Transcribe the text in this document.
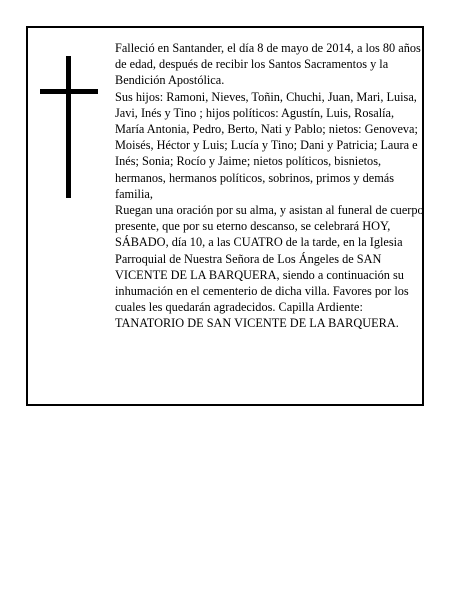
Falleció en Santander, el día 8 de mayo de 2014, a los 80 años de edad, después de recibir los Santos Sacramentos y la Bendición Apostólica.

Sus hijos: Ramoni, Nieves, Toñin, Chuchi, Juan, Mari, Luisa, Javi, Inés y Tino ; hijos políticos: Agustín, Luis, Rosalía, María Antonia, Pedro, Berto, Nati y Pablo; nietos: Genoveva; Moisés, Héctor y Luis; Lucía y Tino; Dani y Patricia; Laura e Inés; Sonia; Rocío y Jaime; nietos políticos, bisnietos, hermanos, hermanos políticos, sobrinos, primos y demás familia,

Ruegan una oración por su alma, y asistan al funeral de cuerpo presente, que por su eterno descanso, se celebrará HOY, SÁBADO, día 10, a las CUATRO de la tarde, en la Iglesia Parroquial de Nuestra Señora de Los Ángeles de SAN VICENTE DE LA BARQUERA, siendo a continuación su inhumación en el cementerio de dicha villa. Favores por los cuales les quedarán agradecidos. Capilla Ardiente: TANATORIO DE SAN VICENTE DE LA BARQUERA.
